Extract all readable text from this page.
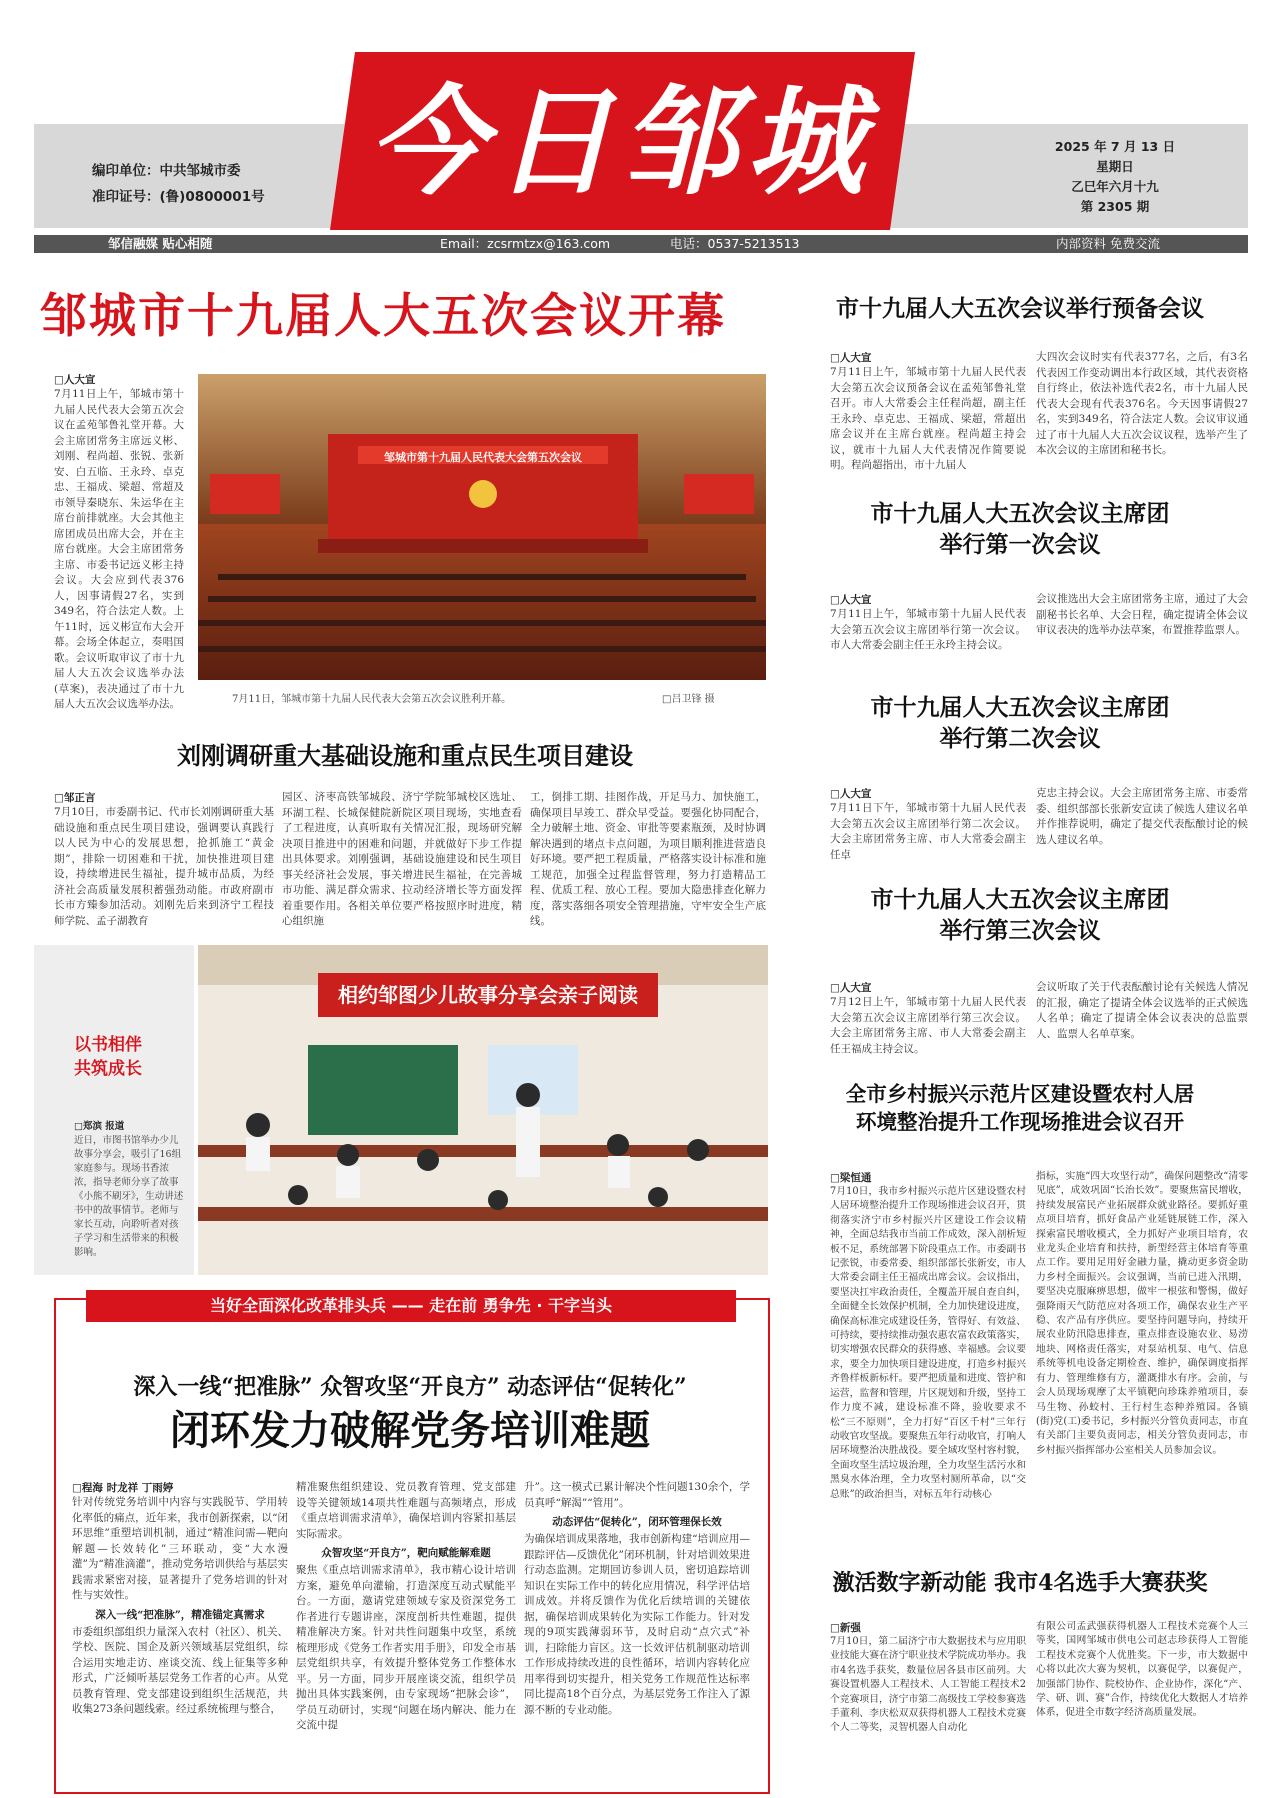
今日邹城
编印单位：中共邹城市委
准印证号：(鲁)0800001号
2025 年 7 月 13 日
星期日
乙巳年六月十九
第 2305 期
邹信融媒 贴心相随	Email：zcsrmtzx@163.com	电话：0537-5213513	内部资料 免费交流
邹城市十九届人大五次会议开幕
□人大宣
7月11日上午，邹城市第十九届人民代表大会第五次会议在孟苑邹鲁礼堂开幕。大会主席团常务主席远义彬、刘刚、程尚超、张锐、张新安、白五临、王永玲、卓克忠、王福成、梁超、常超及市领导秦晓东、朱运华在主席台前排就座。大会其他主席团成员出席大会，并在主席台就座。大会主席团常务主席、市委书记远义彬主持会议。大会应到代表376人，因事请假27名，实到349名，符合法定人数。上午11时，远义彬宣布大会开幕。会场全体起立，奏唱国歌。会议听取审议了市十九届人大五次会议选举办法(草案)，表决通过了市十九届人大五次会议选举办法。
邹城市第十九届人民代表大会第五次会议
7月11日，邹城市第十九届人民代表大会第五次会议胜利开幕。	□吕卫锋 摄
刘刚调研重大基础设施和重点民生项目建设
□邹正言
7月10日，市委副书记、代市长刘刚调研重大基础设施和重点民生项目建设，强调要认真践行以人民为中心的发展思想，抢抓施工“黄金期”，排除一切困难和干扰，加快推进项目建设，持续增进民生福祉，提升城市品质，为经济社会高质量发展积蓄强劲动能。市政府副市长市方臻参加活动。刘刚先后来到济宁工程技师学院、孟子湖教育
园区、济枣高铁邹城段、济宁学院邹城校区选址、环湖工程、长城保健院新院区项目现场，实地查看了工程进度，认真听取有关情况汇报，现场研究解决项目推进中的困难和问题，并就做好下步工作提出具体要求。刘刚强调，基础设施建设和民生项目事关经济社会发展，事关增进民生福祉，在完善城市功能、满足群众需求、拉动经济增长等方面发挥着重要作用。各相关单位要严格按照序时进度，精心组织施
工，倒排工期、挂图作战，开足马力、加快施工，确保项目早竣工、群众早受益。要强化协同配合，全力破解土地、资金、审批等要素瓶颈，及时协调解决遇到的堵点卡点问题，为项目顺利推进营造良好环境。要严把工程质量，严格落实设计标准和施工规范，加强全过程监督管理，努力打造精品工程、优质工程、放心工程。要加大隐患排查化解力度，落实落细各项安全管理措施，守牢安全生产底线。
以书相伴
共筑成长
□郑滨 报道
近日，市图书馆举办少儿故事分享会，吸引了16组家庭参与。现场书香浓浓，指导老师分享了故事《小熊不刷牙》，生动讲述书中的故事情节。老师与家长互动，向聆听者对孩子学习和生活带来的积极影响。
相约邹图少儿故事分享会亲子阅读
当好全面深化改革排头兵 —— 走在前 勇争先 · 干字当头
深入一线“把准脉” 众智攻坚“开良方” 动态评估“促转化”
闭环发力破解党务培训难题
□程海 时龙祥 丁雨婷
针对传统党务培训中内容与实践脱节、学用转化率低的痛点，近年来，我市创新探索，以“闭环思维”重塑培训机制，通过“精准问需—靶向解题—长效转化”三环联动，变“大水漫灌”为“精准滴灌”，推动党务培训供给与基层实践需求紧密对接，显著提升了党务培训的针对性与实效性。
深入一线“把准脉”，精准锚定真需求
市委组织部组织力量深入农村（社区）、机关、学校、医院、国企及新兴领域基层党组织，综合运用实地走访、座谈交流、线上征集等多种形式，广泛倾听基层党务工作者的心声。从党员教育管理、党支部建设到组织生活规范，共收集273条问题线索。经过系统梳理与整合，
精准聚焦组织建设、党员教育管理、党支部建设等关键领域14项共性难题与高频堵点，形成《重点培训需求清单》，确保培训内容紧扣基层实际需求。
众智攻坚“开良方”，靶向赋能解难题
聚焦《重点培训需求清单》，我市精心设计培训方案，避免单向灌输，打造深度互动式赋能平台。一方面，邀请党建领域专家及资深党务工作者进行专题讲座，深度剖析共性难题，提供精准解决方案。针对共性问题集中攻坚，系统梳理形成《党务工作者实用手册》，印发全市基层党组织共享，有效提升整体党务工作整体水平。另一方面，同步开展座谈交流，组织学员抛出具体实践案例，由专家现场“把脉会诊”，学员互动研讨，实现“问题在场内解决、能力在交流中提
升”。这一模式已累计解决个性问题130余个，学员真呼“解渴”“管用”。
动态评估“促转化”，闭环管理保长效
为确保培训成果落地，我市创新构建“培训应用—跟踪评估—反馈优化”闭环机制，针对培训效果进行动态监测。定期回访参训人员，密切追踪培训知识在实际工作中的转化应用情况，科学评估培训成效。并将反馈作为优化后续培训的关键依据，确保培训成果转化为实际工作能力。针对发现的9项实践薄弱环节，及时启动“点穴式”补训，扫除能力盲区。这一长效评估机制驱动培训工作形成持续改进的良性循环，培训内容转化应用率得到切实提升，相关党务工作规范性达标率同比提高18个百分点，为基层党务工作注入了源源不断的专业动能。
市十九届人大五次会议举行预备会议
□人大宣
7月11日上午，邹城市第十九届人民代表大会第五次会议预备会议在孟苑邹鲁礼堂召开。市人大常委会主任程尚超，副主任王永玲、卓克忠、王福成、梁超，常超出席会议并在主席台就座。程尚超主持会议，就市十九届人大代表情况作简要说明。程尚超指出，市十九届人
大四次会议时实有代表377名，之后，有3名代表因工作变动调出本行政区域，其代表资格自行终止，依法补选代表2名，市十九届人民代表大会现有代表376名。今天因事请假27名，实到349名，符合法定人数。会议审议通过了市十九届人大五次会议议程，选举产生了本次会议的主席团和秘书长。
市十九届人大五次会议主席团
举行第一次会议
□人大宣
7月11日上午，邹城市第十九届人民代表大会第五次会议主席团举行第一次会议。市人大常委会副主任王永玲主持会议。
会议推选出大会主席团常务主席，通过了大会副秘书长名单、大会日程，确定提请全体会议审议表决的选举办法草案，布置推荐监票人。
市十九届人大五次会议主席团
举行第二次会议
□人大宣
7月11日下午，邹城市第十九届人民代表大会第五次会议主席团举行第二次会议。大会主席团常务主席、市人大常委会副主任卓
克忠主持会议。大会主席团常务主席、市委常委、组织部部长张新安宣读了候选人建议名单并作推荐说明，确定了提交代表酝酿讨论的候选人建议名单。
市十九届人大五次会议主席团
举行第三次会议
□人大宣
7月12日上午，邹城市第十九届人民代表大会第五次会议主席团举行第三次会议。大会主席团常务主席、市人大常委会副主任王福成主持会议。
会议听取了关于代表酝酿讨论有关候选人情况的汇报，确定了提请全体会议选举的正式候选人名单；确定了提请全体会议表决的总监票人、监票人名单草案。
全市乡村振兴示范片区建设暨农村人居
环境整治提升工作现场推进会议召开
□梁恒通
7月10日，我市乡村振兴示范片区建设暨农村人居环境整治提升工作现场推进会议召开，贯彻落实济宁市乡村振兴片区建设工作会议精神，全面总结我市当前工作成效，深入剖析短板不足，系统部署下阶段重点工作。市委副书记张锐，市委常委、组织部部长张新安，市人大常委会副主任王福成出席会议。会议指出，要坚决扛牢政治责任，全覆盖开展自查自纠，全面健全长效保护机制，全力加快建设进度，确保高标准完成建设任务，管得好、有效益、可持续，要持续推动强农惠农富农政策落实，切实增强农民群众的获得感、幸福感。会议要求，要全力加快项目建设进度，打造乡村振兴齐鲁样板新标杆。要严把质量和进度、管护和运营，监督和管理，片区规划和升级，坚持工作力度不减，建设标准不降，验收要求不松“三不原则”，全力打好“百区千村”三年行动收官攻坚战。要聚焦五年行动收官，打响人居环境整治决胜战役。要全域攻坚村容村貌，全面攻坚生活垃圾治理，全力攻坚生活污水和黑臭水体治理，全力攻坚村厕所革命，以“交总账”的政治担当，对标五年行动核心
指标，实施“四大攻坚行动”，确保问题整改“清零见底”，成效巩固“长治长效”。要聚焦富民增收，持续发展富民产业拓展群众就业路径。要抓好重点项目培育，抓好食品产业延链展链工作，深入探索富民增收模式，全力抓好产业项目培育，农业龙头企业培育和扶持，新型经营主体培育等重点工作。要用足用好金融力量，撬动更多资金助力乡村全面振兴。会议强调，当前已进入汛期，要坚决克服麻痹思想，做牢一根弦和警惕，做好强降雨天气防范应对各项工作，确保农业生产平稳、农产品有序供应。要坚持问题导向，持续开展农业防汛隐患排查，重点排查设施农业、易涝地块、网格责任落实，对泵站机泵、电气、信息系统等机电设备定期检查、维护，确保调度指挥有力、管理维修有方，灌溉排水有序。会前，与会人员现场观摩了太平镇靶向珍珠养殖项目，泰马生物、孙蛟村、王行村生态种养殖园。各镇(街)党(工)委书记，乡村振兴分管负责同志，市直有关部门主要负责同志，相关分管负责同志，市乡村振兴指挥部办公室相关人员参加会议。
激活数字新动能 我市4名选手大赛获奖
□新强
7月10日，第二届济宁市大数据技术与应用职业技能大赛在济宁职业技术学院成功举办。我市4名选手获奖，数量位居各县市区前列。大赛设置机器人工程技术、人工智能工程技术2个竞赛项目，济宁市第二高级技工学校参赛选手董利、李庆松双双获得机器人工程技术竞赛个人二等奖，灵智机器人自动化
有限公司孟武强获得机器人工程技术竞赛个人三等奖，国网邹城市供电公司赵志珍获得人工智能工程技术竞赛个人优胜奖。下一步，市大数据中心将以此次大赛为契机，以赛促学，以赛促产，加强部门协作、院校协作、企业协作，深化“产、学、研、训、赛”合作，持续优化大数据人才培养体系，促进全市数字经济高质量发展。
